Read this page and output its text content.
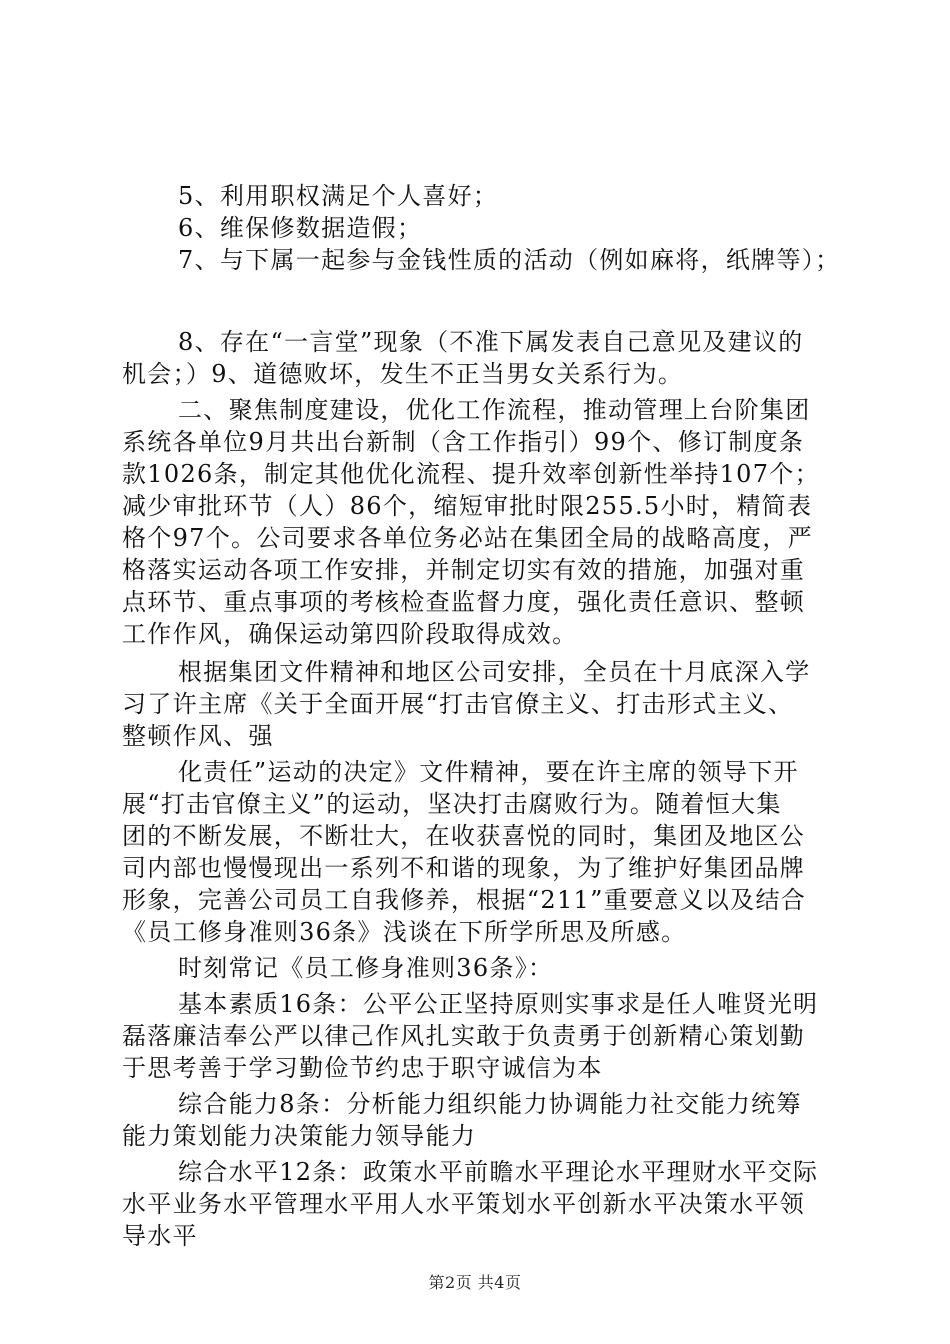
5、利用职权满足个人喜好；
6、维保修数据造假；
7、与下属一起参与金钱性质的活动（例如麻将，纸牌等）；
8、存在“一言堂”现象（不准下属发表自己意见及建议的
机会；）9、道德败坏，发生不正当男女关系行为。
二、聚焦制度建设，优化工作流程，推动管理上台阶集团
系统各单位9月共出台新制（含工作指引）99个、修订制度条
款1026条，制定其他优化流程、提升效率创新性举持107个；
减少审批环节（人）86个，缩短审批时限255.5小时，精简表
格个97个。公司要求各单位务必站在集团全局的战略高度，严
格落实运动各项工作安排，并制定切实有效的措施，加强对重
点环节、重点事项的考核检查监督力度，强化责任意识、整顿
工作作风，确保运动第四阶段取得成效。
根据集团文件精神和地区公司安排，全员在十月底深入学
习了许主席《关于全面开展“打击官僚主义、打击形式主义、
整顿作风、强
化责任”运动的决定》文件精神，要在许主席的领导下开
展“打击官僚主义”的运动，坚决打击腐败行为。随着恒大集
团的不断发展，不断壮大，在收获喜悦的同时，集团及地区公
司内部也慢慢现出一系列不和谐的现象，为了维护好集团品牌
形象，完善公司员工自我修养，根据“211”重要意义以及结合
《员工修身准则36条》浅谈在下所学所思及所感。
时刻常记《员工修身准则36条》：
基本素质16条：公平公正坚持原则实事求是任人唯贤光明
磊落廉洁奉公严以律己作风扎实敢于负责勇于创新精心策划勤
于思考善于学习勤俭节约忠于职守诚信为本
综合能力8条：分析能力组织能力协调能力社交能力统筹
能力策划能力决策能力领导能力
综合水平12条：政策水平前瞻水平理论水平理财水平交际
水平业务水平管理水平用人水平策划水平创新水平决策水平领
导水平
第2页 共4页
